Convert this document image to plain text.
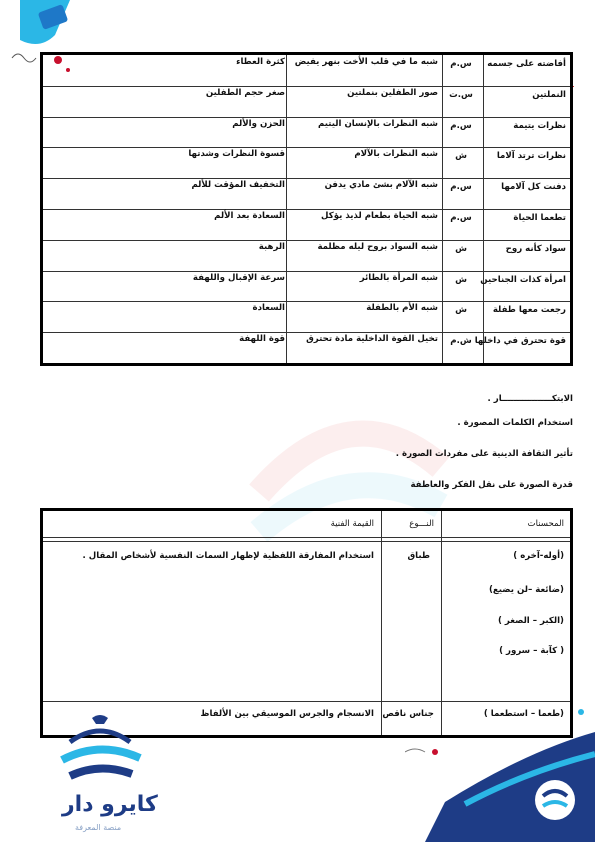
أفاضته على جسمه
س.م
شبه ما في قلب الأخت بنهر يفيض
كثرة العطاء
النملتين
س.ت
صور الطفلين بنملتين
صغر حجم الطفلين
نظرات يتيمة
س.م
شبه النظرات بالإنسان اليتيم
الحزن والألم
نظرات ترتد آلاما
ش
شبه النظرات بالآلام
قسوة النظرات وشدتها
دفنت كل آلامها
س.م
شبه الآلام بشئ مادي يدفن
التخفيف المؤقت للألم
تطعما الحياة
س.م
شبه الحياة بطعام لذيذ يؤكل
السعادة بعد الألم
سواد كأنه روح
ش
شبه السواد بروح ليله مظلمة
الرهبة
امرأة كذات الجناحين
ش
شبه المرأة بالطائر
سرعة الإقبال واللهفة
رجعت معها طفلة
ش
شبه الأم بالطفلة
السعادة
قوة تحترق في داخلها
ش.م
تخيل القوة الداخلية مادة تحترق
قوة اللهفة
الابتكـــــــــــــــــار .
استخدام الكلمات المصورة .
تأثير الثقافة الدينية على مفردات الصورة .
قدرة الصورة على نقل الفكر والعاطفة
المحسنات
النـــوع
القيمة الفنية
(أوله-آخره )
(ضائعة –لن يضيع)
(الكبر – الصغر )
( كآبة – سرور )
طباق
استخدام المفارقة اللفظية لإظهار السمات النفسية لأشخاص المقال .
(طعما – استطعما )
جناس ناقص
الانسجام والجرس الموسيقي بين الألفاظ
كايرو دار
منصة المعرفة
